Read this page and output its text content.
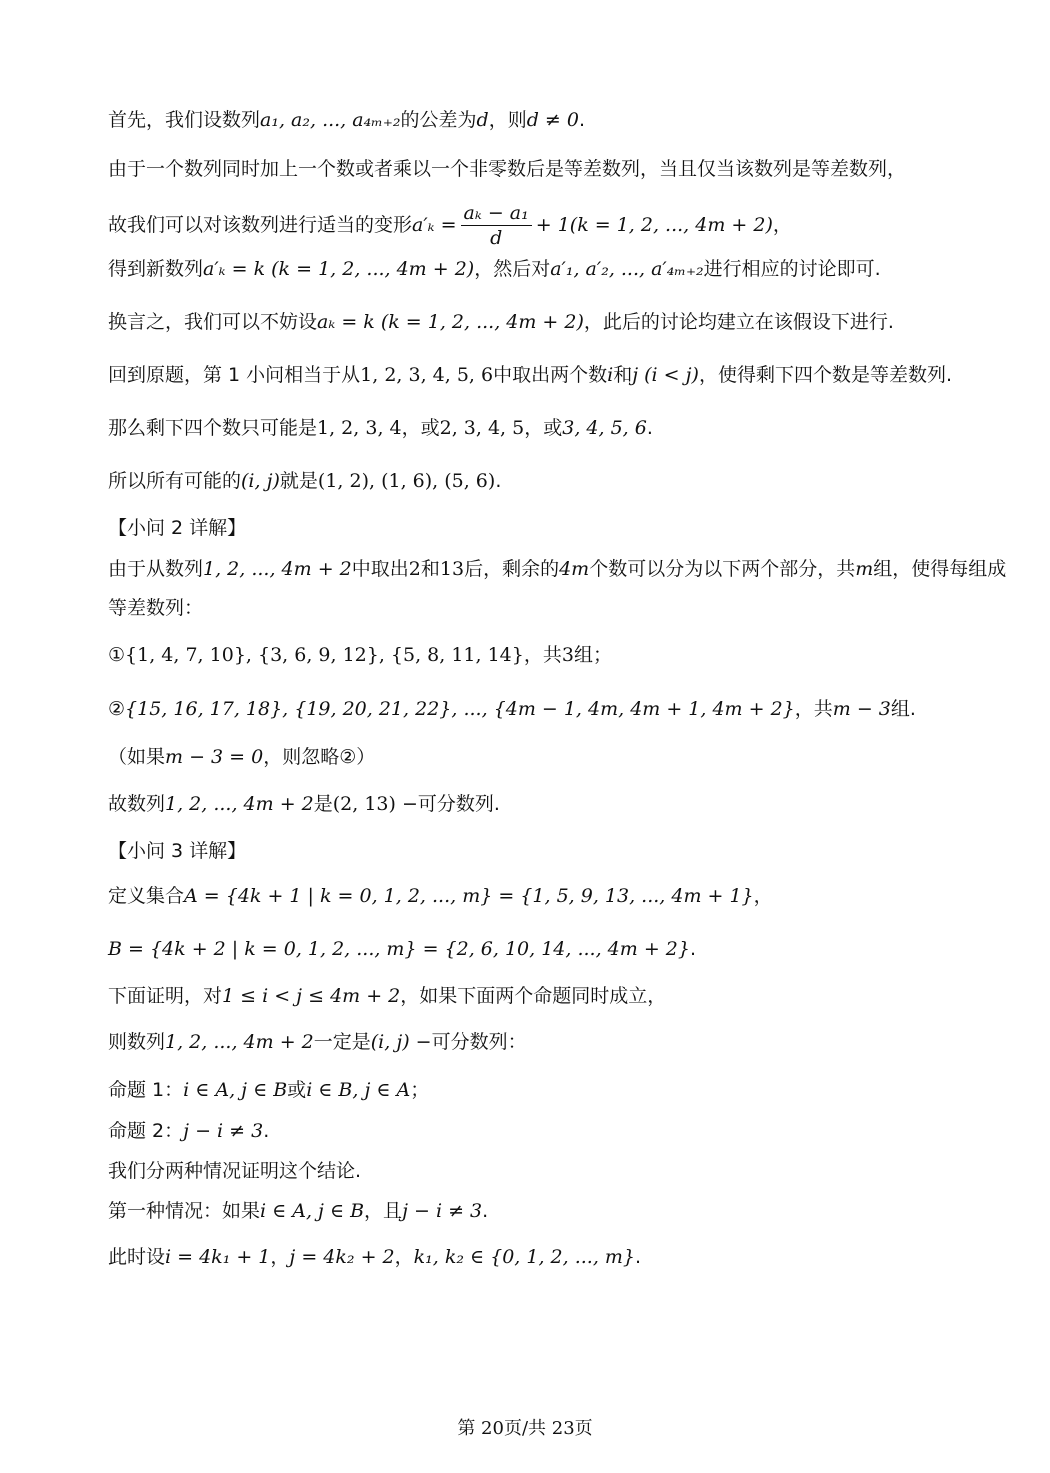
首先，我们设数列a₁, a₂, ..., a₄ₘ₊₂的公差为d，则d ≠ 0.
由于一个数列同时加上一个数或者乘以一个非零数后是等差数列，当且仅当该数列是等差数列，
故我们可以对该数列进行适当的变形$a'_k = \frac{\text{aₖ − a₁}}{d} + 1(k = 1$, 2, ..., 4m + 2)，
得到新数列a′ₖ = k (k = 1, 2, ..., 4m + 2)，然后对a′₁, a′₂, ..., a′₄ₘ₊₂进行相应的讨论即可.
换言之，我们可以不妨设aₖ = k (k = 1, 2, ..., 4m + 2)，此后的讨论均建立在该假设下进行.
回到原题，第 1 小问相当于从1, 2, 3, 4, 5, 6中取出两个数i和j (i < j)，使得剩下四个数是等差数列.
那么剩下四个数只可能是1, 2, 3, 4，或2, 3, 4, 5，或3, 4, 5, 6.
所以所有可能的(i, j)就是(1, 2), (1, 6), (5, 6).
【小问 2 详解】
由于从数列1, 2, ..., 4m + 2中取出2和13后，剩余的4m个数可以分为以下两个部分，共m组，使得每组成
等差数列：
①{1, 4, 7, 10}, {3, 6, 9, 12}, {5, 8, 11, 14}，共3组；
②{15, 16, 17, 18}, {19, 20, 21, 22}, ..., {4m − 1, 4m, 4m + 1, 4m + 2}，共m − 3组.
（如果m − 3 = 0，则忽略②）
故数列1, 2, ..., 4m + 2是(2, 13) −可分数列.
【小问 3 详解】
定义集合A = {4k + 1 | k = 0, 1, 2, ..., m} = {1, 5, 9, 13, ..., 4m + 1}，
B = {4k + 2 | k = 0, 1, 2, ..., m} = {2, 6, 10, 14, ..., 4m + 2}.
下面证明，对1 ≤ i < j ≤ 4m + 2，如果下面两个命题同时成立，
则数列1, 2, ..., 4m + 2一定是(i, j) −可分数列：
命题 1：i ∈ A, j ∈ B或i ∈ B, j ∈ A；
命题 2：j − i ≠ 3.
我们分两种情况证明这个结论.
第一种情况：如果i ∈ A, j ∈ B，且j − i ≠ 3.
此时设i = 4k₁ + 1，j = 4k₂ + 2，k₁, k₂ ∈ {0, 1, 2, ..., m}.
第 20页/共 23页
